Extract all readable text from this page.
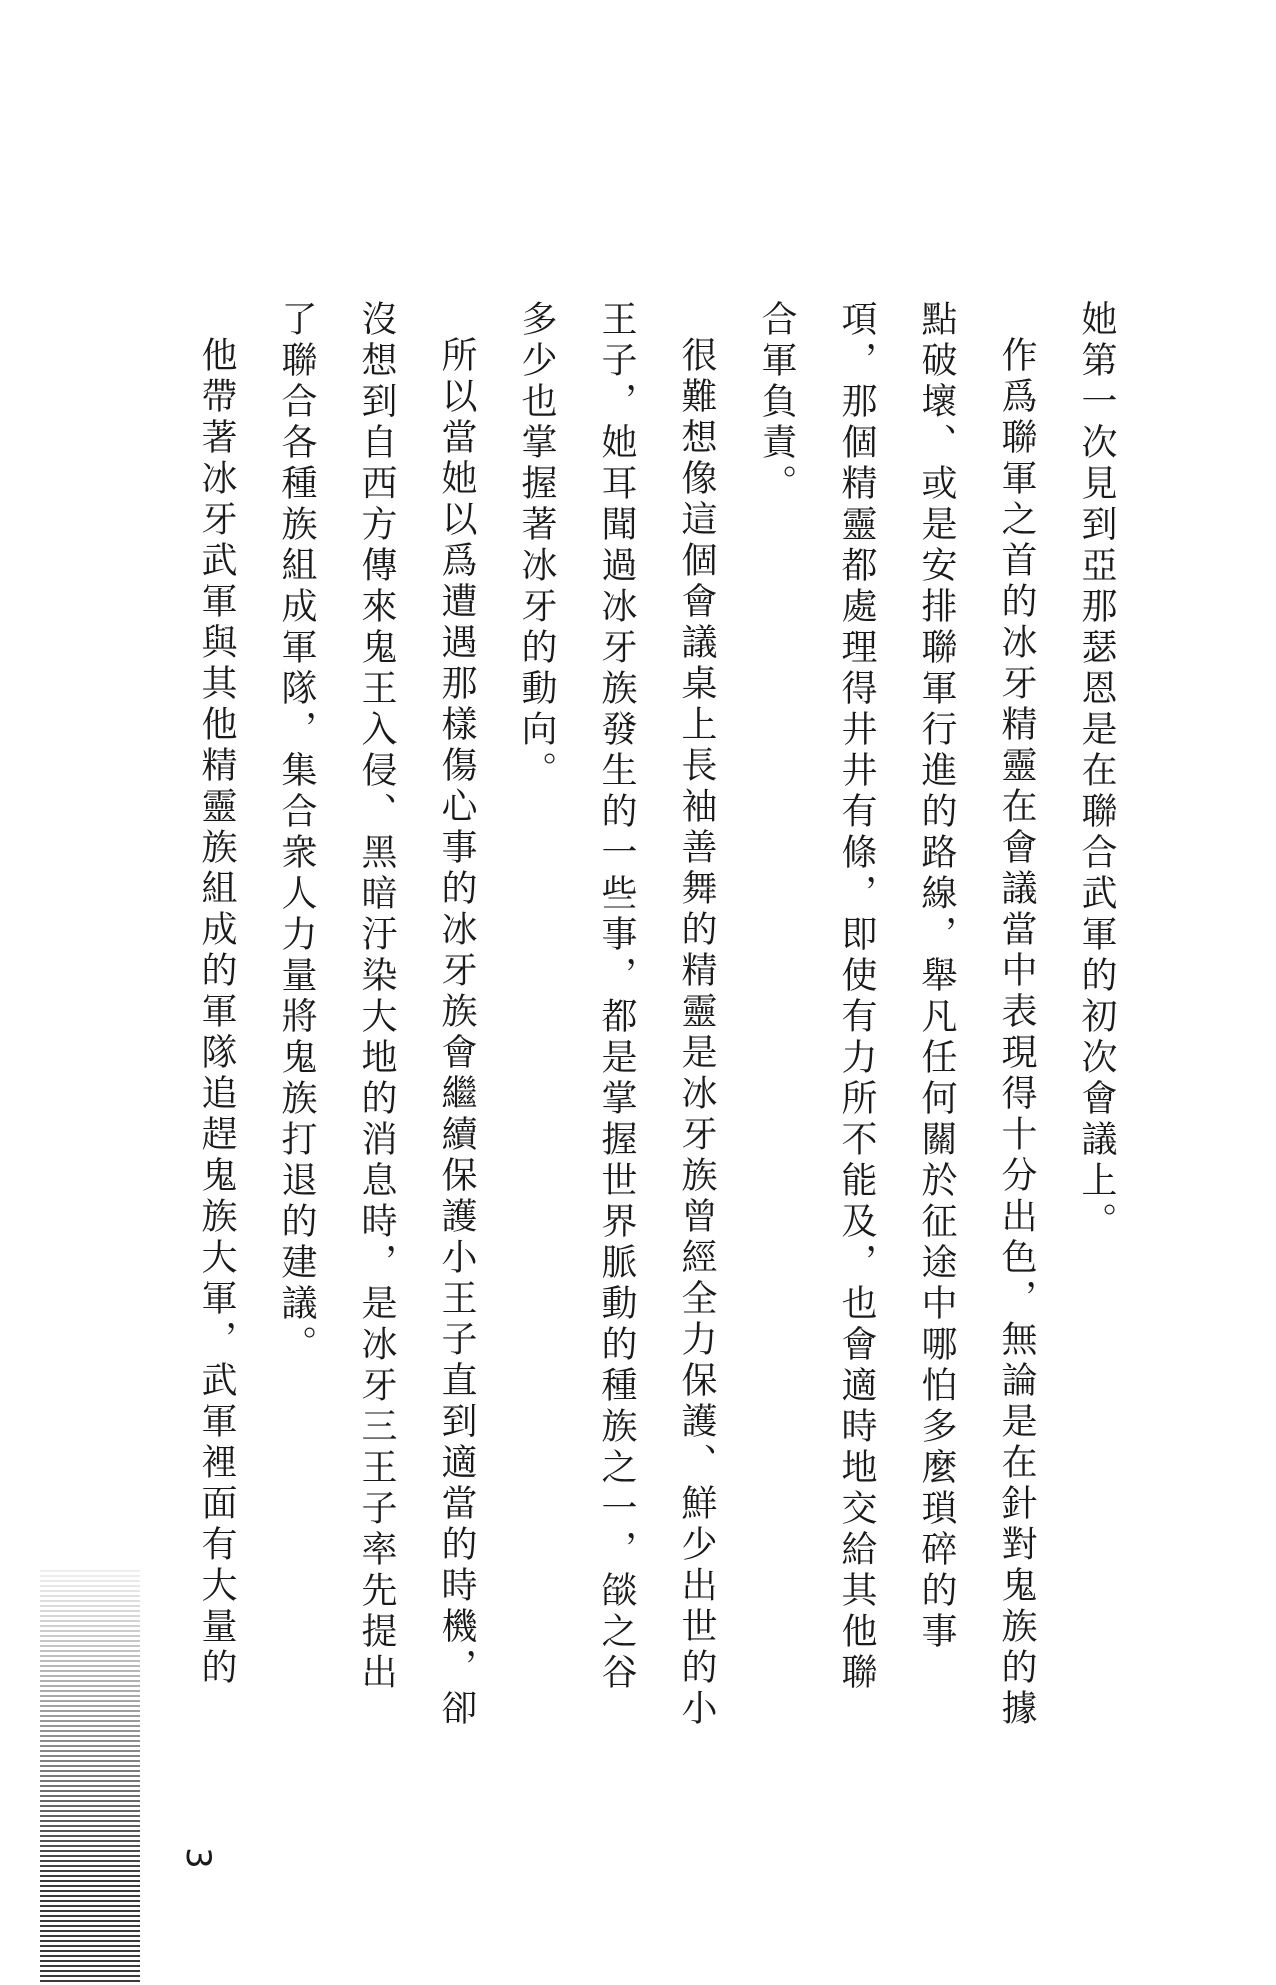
她第一次見到亞那瑟恩是在聯合武軍的初次會議上。

作爲聯軍之首的冰牙精靈在會議當中表現得十分出色，無論是在針對鬼族的據點破壞、或是安排聯軍行進的路線，舉凡任何關於征途中哪怕多麼瑣碎的事項，那個精靈都處理得井井有條，即使有力所不能及，也會適時地交給其他聯合軍負責。

很難想像這個會議桌上長袖善舞的精靈是冰牙族曾經全力保護、鮮少出世的小王子，她耳聞過冰牙族發生的一些事，都是掌握世界脈動的種族之一，燄之谷多少也掌握著冰牙的動向。

所以當她以爲遭遇那樣傷心事的冰牙族會繼續保護小王子直到適當的時機，卻沒想到自西方傳來鬼王入侵、黑暗汙染大地的消息時，是冰牙三王子率先提出了聯合各種族組成軍隊，集合衆人力量將鬼族打退的建議。

他帶著冰牙武軍與其他精靈族組成的軍隊追趕鬼族大軍，武軍裡面有大量的

3
